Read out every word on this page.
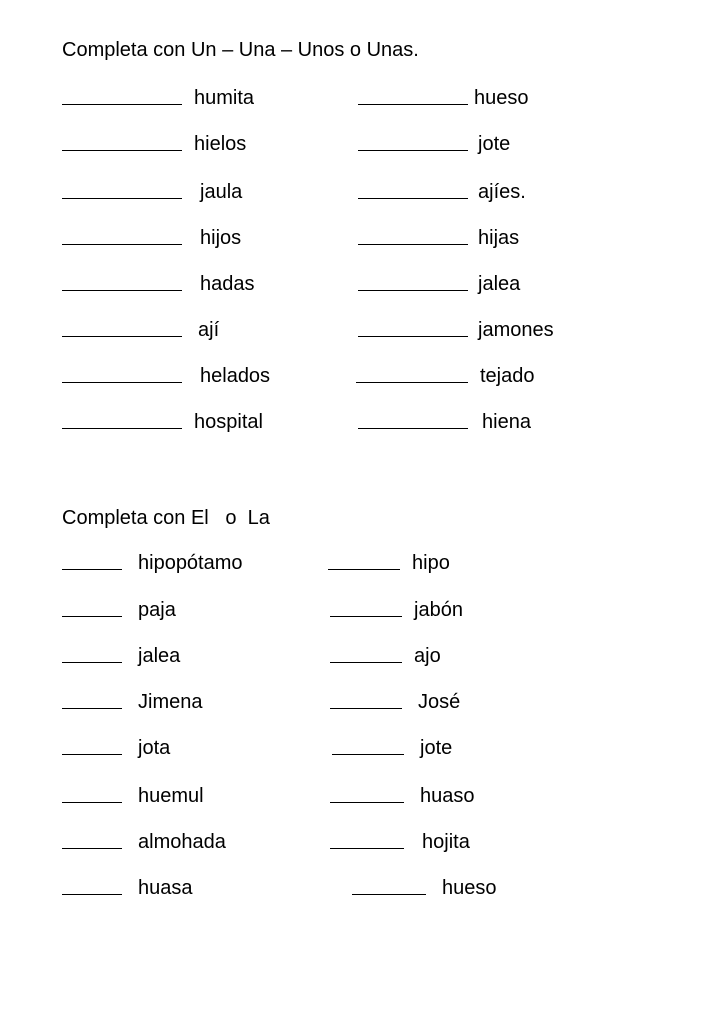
Completa con Un – Una – Unos o Unas.
humita	hueso
hielos	jote
jaula	ajíes.
hijos	hijas
hadas	jalea
ají	jamones
helados	tejado
hospital	hiena
Completa con El   o  La
hipopótamo	hipo
paja	jabón
jalea	ajo
Jimena	José
jota	jote
huemul	huaso
almohada	hojita
huasa	hueso
